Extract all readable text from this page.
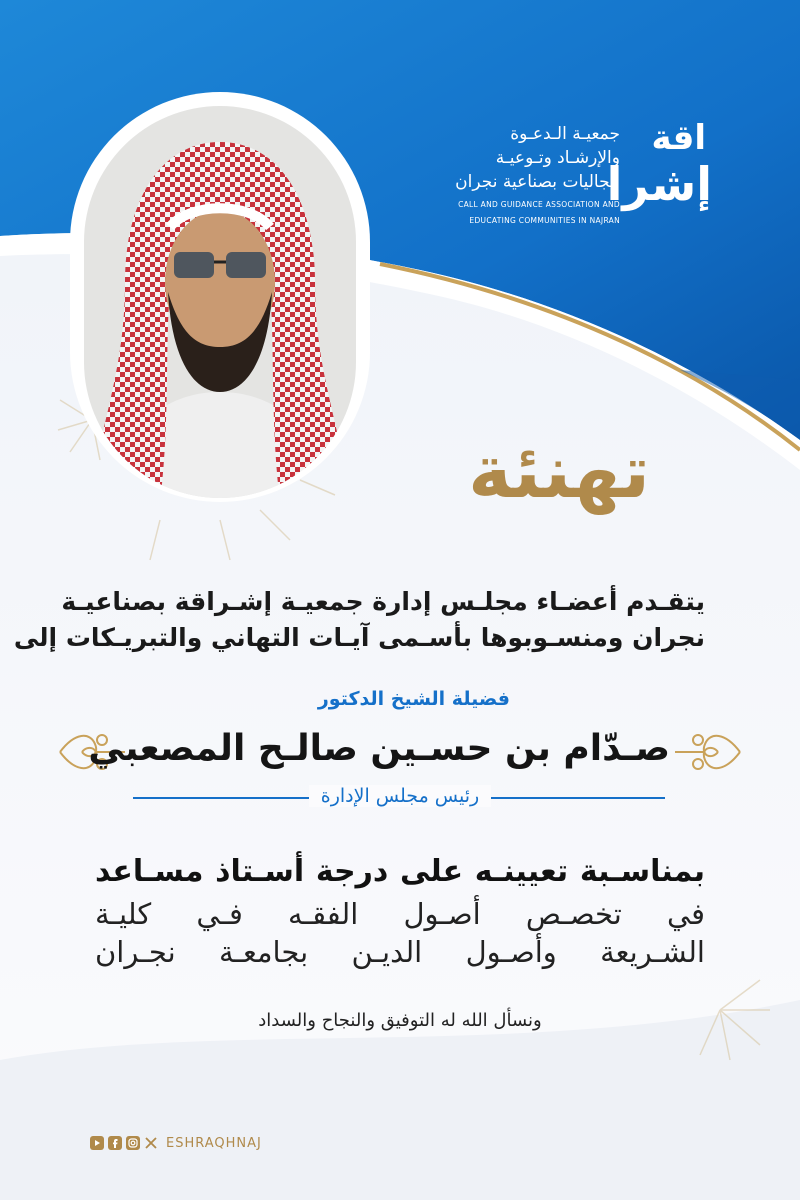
اقة
إشرا
جمعيـة الـدعـوة
والإرشـاد وتـوعيـة
الجاليات بصناعية نجران
CALL AND GUIDANCE ASSOCIATION AND
EDUCATING COMMUNITIES IN NAJRAN
تهنئة
يتقـدم أعضـاء مجلـس إدارة جمعيـة إشـراقة بصناعيـة
نجران ومنسـوبوها بأسـمى آيـات التهاني والتبريـكات إلى
فضيلة الشيخ الدكتور
صـدّام بن حسـين صالـح المصعبي
رئيس مجلس الإدارة
بمناسـبة تعيينـه على درجة أسـتاذ مسـاعد
في تخصـص أصـول الفقـه فـي كليـة
الشـريعة وأصـول الديـن بجامعـة نجـران
ونسأل الله له التوفيق والنجاح والسداد
ESHRAQHNAJ
